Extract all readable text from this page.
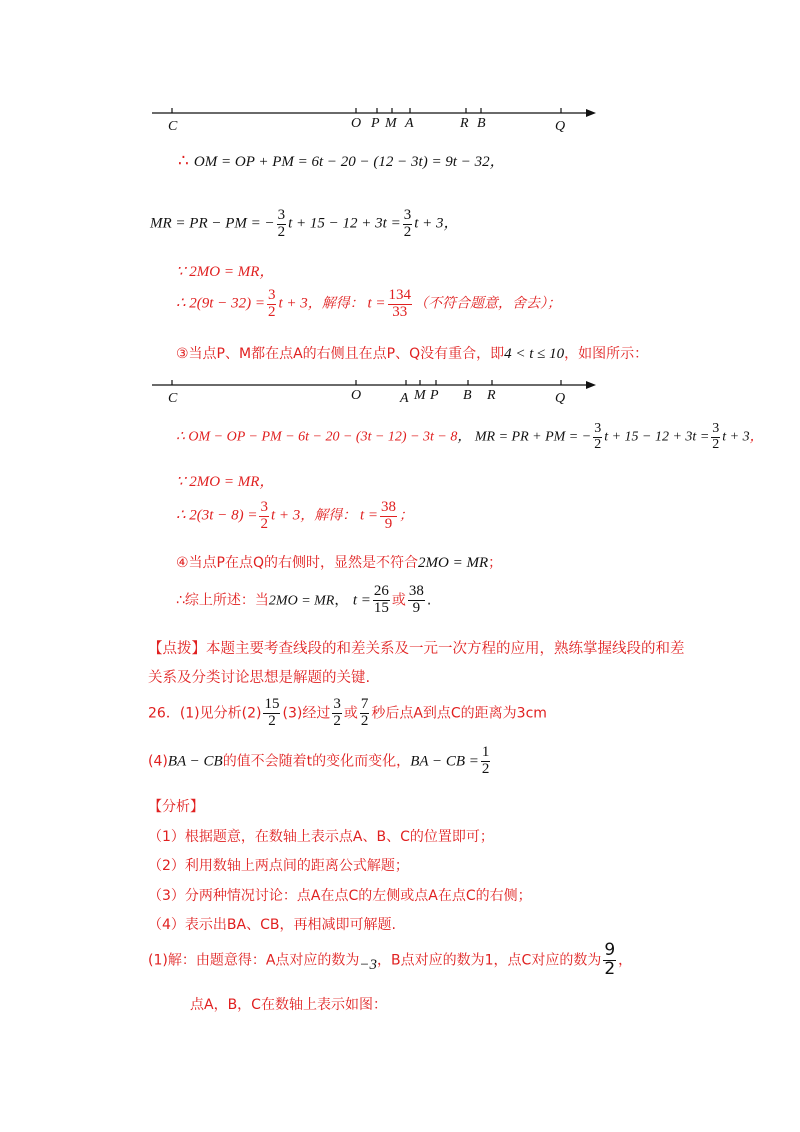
C	O P M A	R B	Q
∴ OM = OP + PM = 6t − 20 − (12 − 3t) = 9t − 32，
MR = PR − PM = − $\frac{3}{2}$ $t + 15 - 12 + 3t = \frac{3}{2}$ t + 3，
∵ 2MO = MR，
∴ $2(9t - 32) = \frac{3}{2}$ t + 3，解得： $t = \frac{134}{33}$ （不符合题意，舍去）；
③当点P、M都在点A的右侧且在点P、Q没有重合，即4 < t ≤ 10，如图所示：
C	O	A M P B R	Q
∴ OM − OP − PM − 6t − 20 − (3t − 12) − 3t − 8， MR = PR + PM = − $\frac{3}{2}$ $t + 15 - 12 + 3t = \frac{3}{2}$ t + 3，
∵ 2MO = MR，
∴ $2(3t - 8) = \frac{3}{2}$ t + 3，解得： $t = \frac{38}{9}$ ；
④当点P在点Q的右侧时，显然是不符合2MO = MR；
∴综上所述：当2MO = MR， $t = \frac{26}{15}$ 或 $\frac{38}{9}$ .
【点拨】本题主要考查线段的和差关系及一元一次方程的应用，熟练掌握线段的和差
关系及分类讨论思想是解题的关键.
26．(1)见分析$(2) \frac{15}{2} (3)$经过 $\frac{3}{2}$ 或 $\frac{7}{2}$ 秒后点A到点C的距离为3cm
(4)BA − CB的值不会随着t的变化而变化，BA − CB = $\frac{1}{2}$
【分析】
（1）根据题意，在数轴上表示点A、B、C的位置即可；
（2）利用数轴上两点间的距离公式解题；
（3）分两种情况讨论：点A在点C的左侧或点A在点C的右侧；
（4）表示出BA、CB，再相减即可解题.
(1)解：由题意得：A点对应的数为−3，B点对应的数为1，点C对应的数为 $\frac{9}{2}$ ，
点A，B，C在数轴上表示如图：
